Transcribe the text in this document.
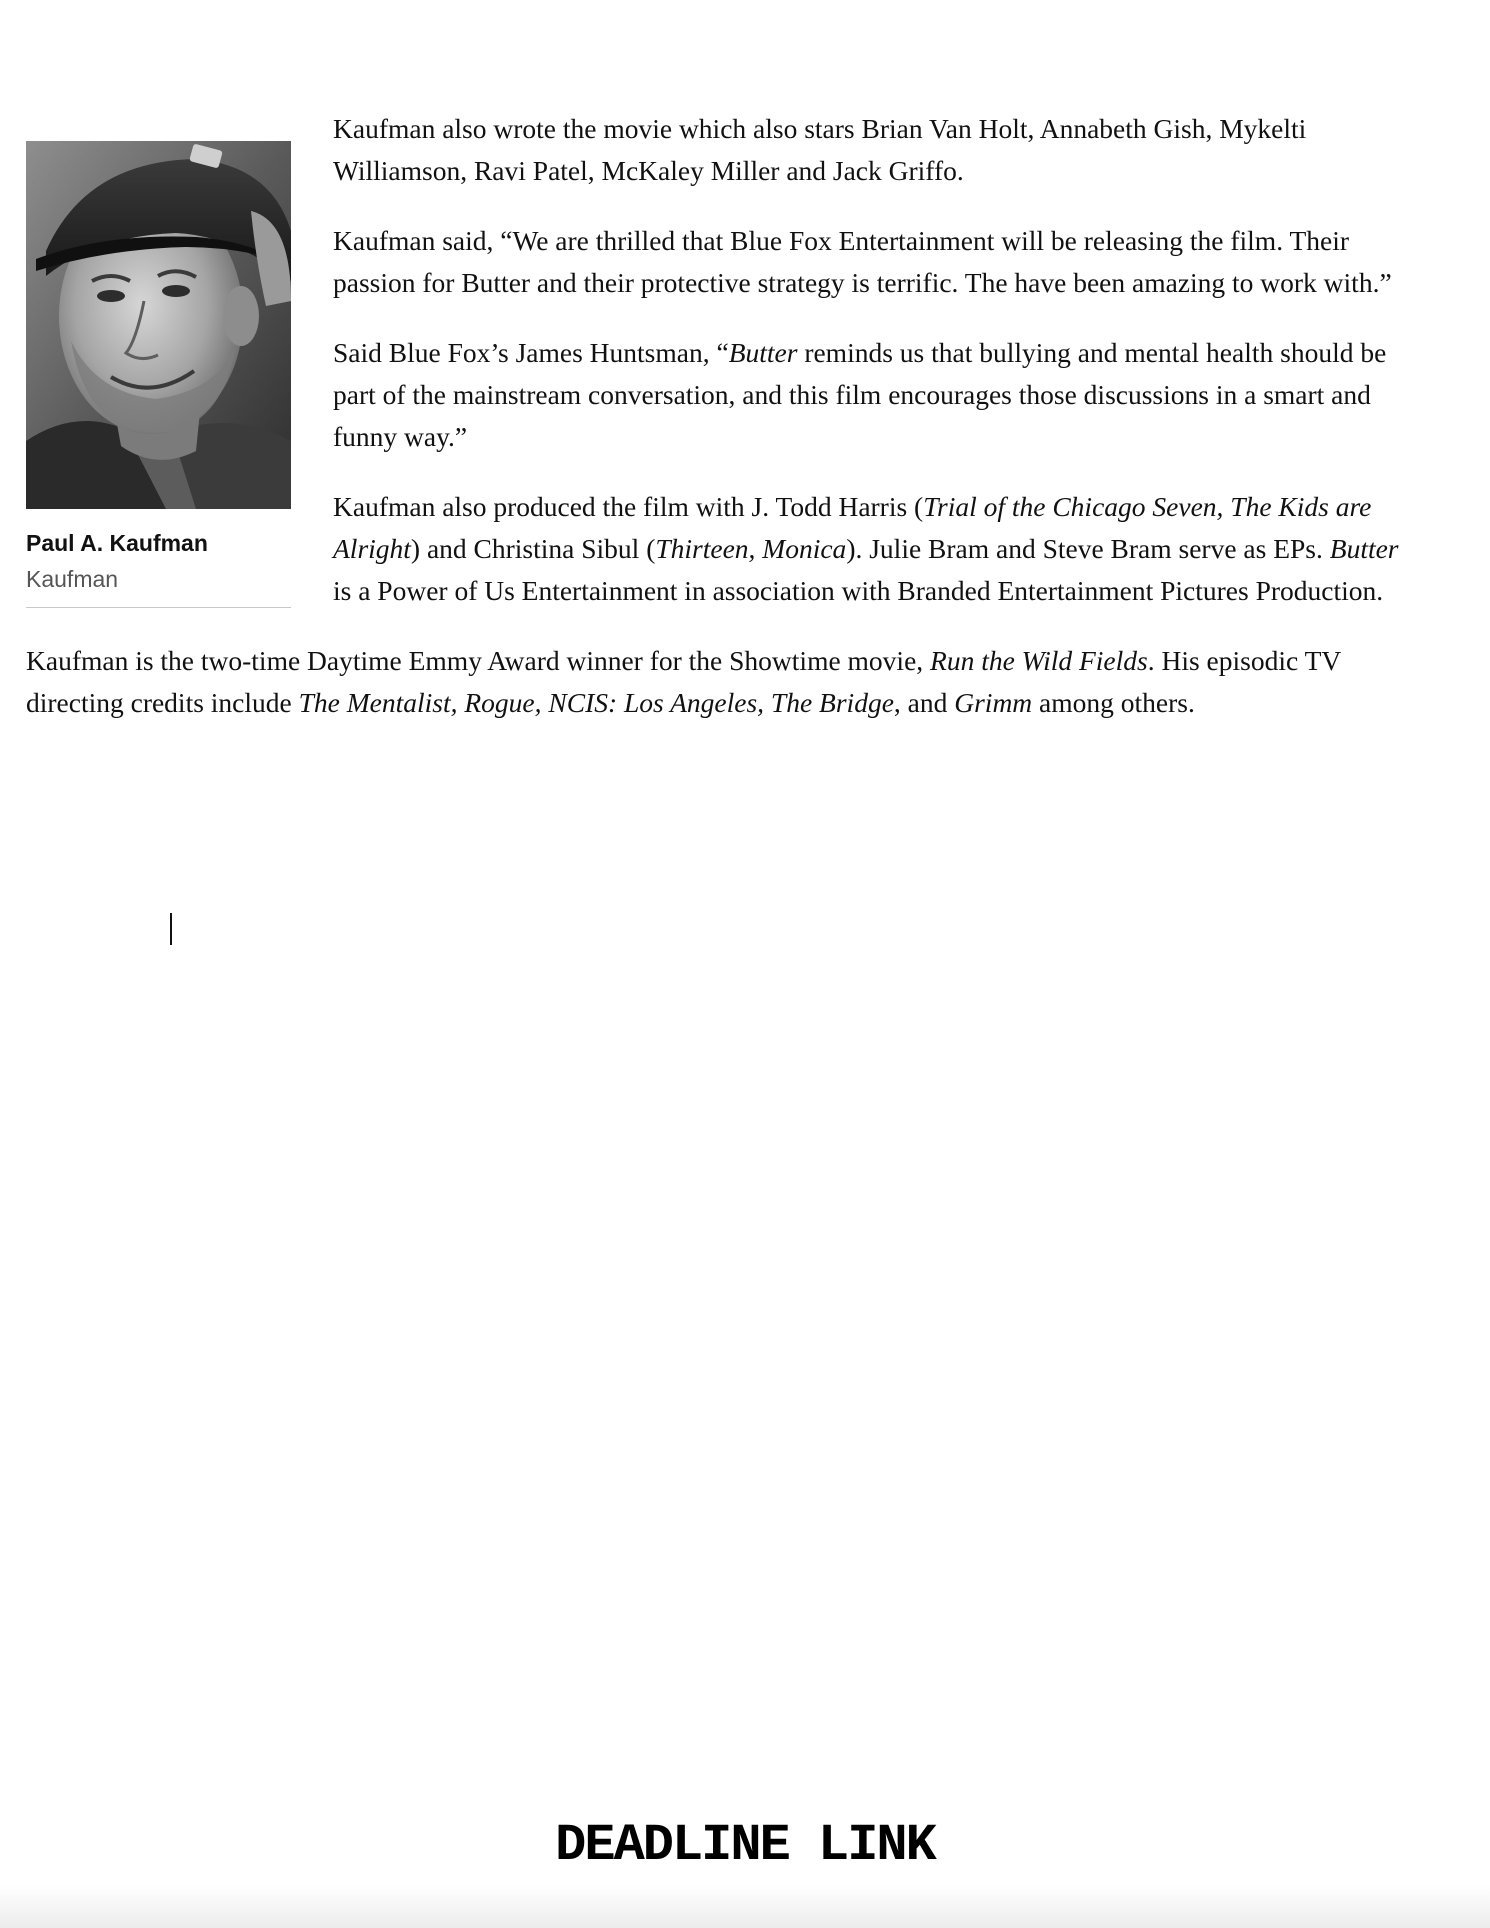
Paul A. Kaufman
Kaufman

Kaufman also wrote the movie which also stars Brian Van Holt, Annabeth Gish, Mykelti Williamson, Ravi Patel, McKaley Miller and Jack Griffo.

Kaufman said, “We are thrilled that Blue Fox Entertainment will be releasing the film. Their passion for Butter and their protective strategy is terrific. The have been amazing to work with.”

Said Blue Fox’s James Huntsman, “Butter reminds us that bullying and mental health should be part of the mainstream conversation, and this film encourages those discussions in a smart and funny way.”

Kaufman also produced the film with J. Todd Harris (Trial of the Chicago Seven, The Kids are Alright) and Christina Sibul (Thirteen, Monica). Julie Bram and Steve Bram serve as EPs. Butter is a Power of Us Entertainment in association with Branded Entertainment Pictures Production.

Kaufman is the two-time Daytime Emmy Award winner for the Showtime movie, Run the Wild Fields. His episodic TV directing credits include The Mentalist, Rogue, NCIS: Los Angeles, The Bridge, and Grimm among others.

DEADLINE LINK
